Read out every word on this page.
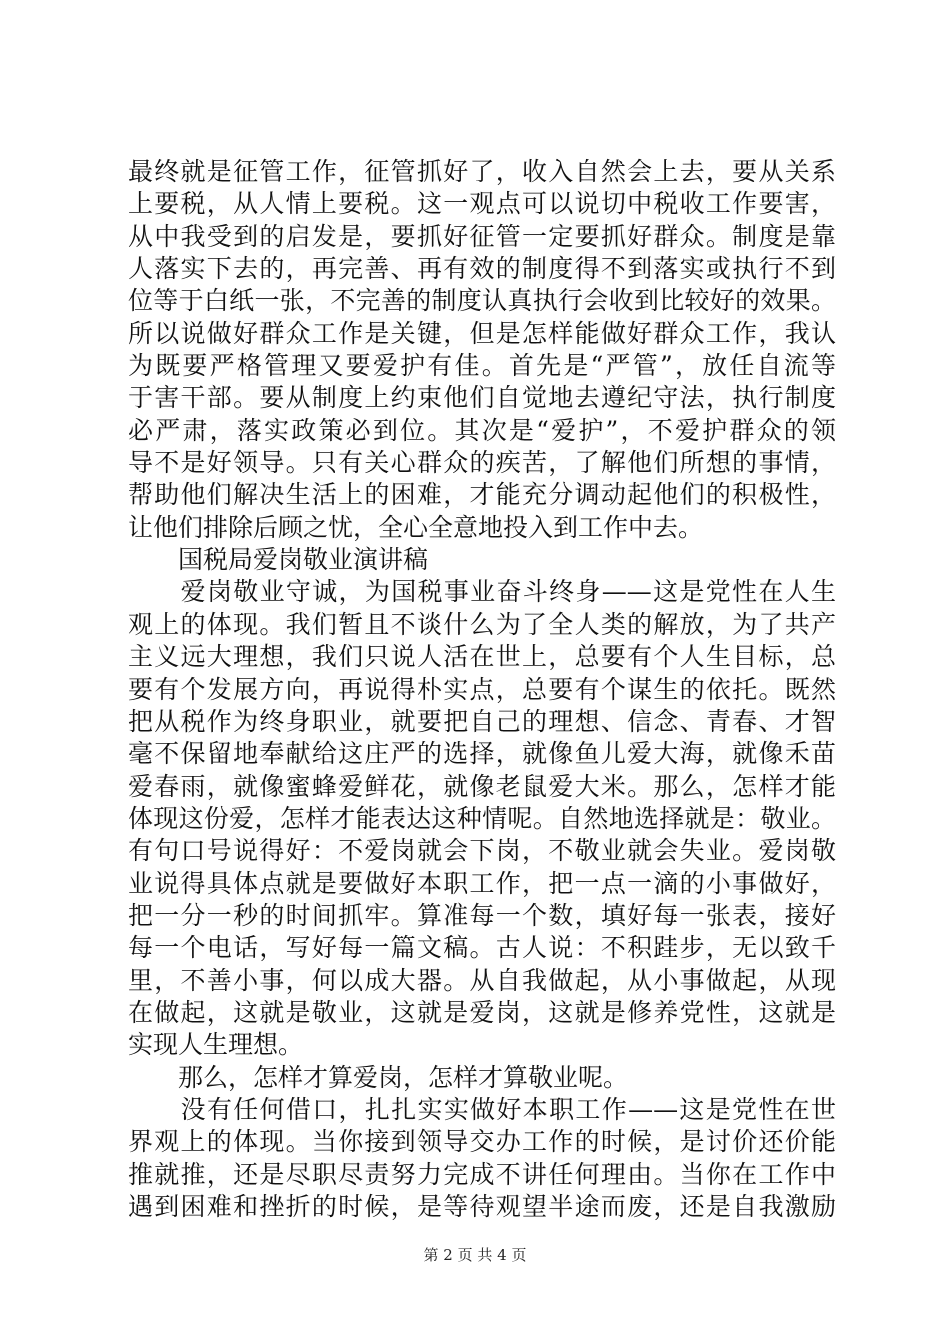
最终就是征管工作，征管抓好了，收入自然会上去，要从关系
上要税，从人情上要税。这一观点可以说切中税收工作要害，
从中我受到的启发是，要抓好征管一定要抓好群众。制度是靠
人落实下去的，再完善、再有效的制度得不到落实或执行不到
位等于白纸一张，不完善的制度认真执行会收到比较好的效果。
所以说做好群众工作是关键，但是怎样能做好群众工作，我认
为既要严格管理又要爱护有佳。首先是“严管”，放任自流等
于害干部。要从制度上约束他们自觉地去遵纪守法，执行制度
必严肃，落实政策必到位。其次是“爱护”，不爱护群众的领
导不是好领导。只有关心群众的疾苦，了解他们所想的事情，
帮助他们解决生活上的困难，才能充分调动起他们的积极性，
让他们排除后顾之忧，全心全意地投入到工作中去。
　　国税局爱岗敬业演讲稿
　　爱岗敬业守诚，为国税事业奋斗终身——这是党性在人生
观上的体现。我们暂且不谈什么为了全人类的解放，为了共产
主义远大理想，我们只说人活在世上，总要有个人生目标，总
要有个发展方向，再说得朴实点，总要有个谋生的依托。既然
把从税作为终身职业，就要把自己的理想、信念、青春、才智
毫不保留地奉献给这庄严的选择，就像鱼儿爱大海，就像禾苗
爱春雨，就像蜜蜂爱鲜花，就像老鼠爱大米。那么，怎样才能
体现这份爱，怎样才能表达这种情呢。自然地选择就是：敬业。
有句口号说得好：不爱岗就会下岗，不敬业就会失业。爱岗敬
业说得具体点就是要做好本职工作，把一点一滴的小事做好，
把一分一秒的时间抓牢。算准每一个数，填好每一张表，接好
每一个电话，写好每一篇文稿。古人说：不积跬步，无以致千
里，不善小事，何以成大器。从自我做起，从小事做起，从现
在做起，这就是敬业，这就是爱岗，这就是修养党性，这就是
实现人生理想。
　　那么，怎样才算爱岗，怎样才算敬业呢。
　　没有任何借口，扎扎实实做好本职工作——这是党性在世
界观上的体现。当你接到领导交办工作的时候，是讨价还价能
推就推，还是尽职尽责努力完成不讲任何理由。当你在工作中
遇到困难和挫折的时候，是等待观望半途而废，还是自我激励
第 2 页 共 4 页
